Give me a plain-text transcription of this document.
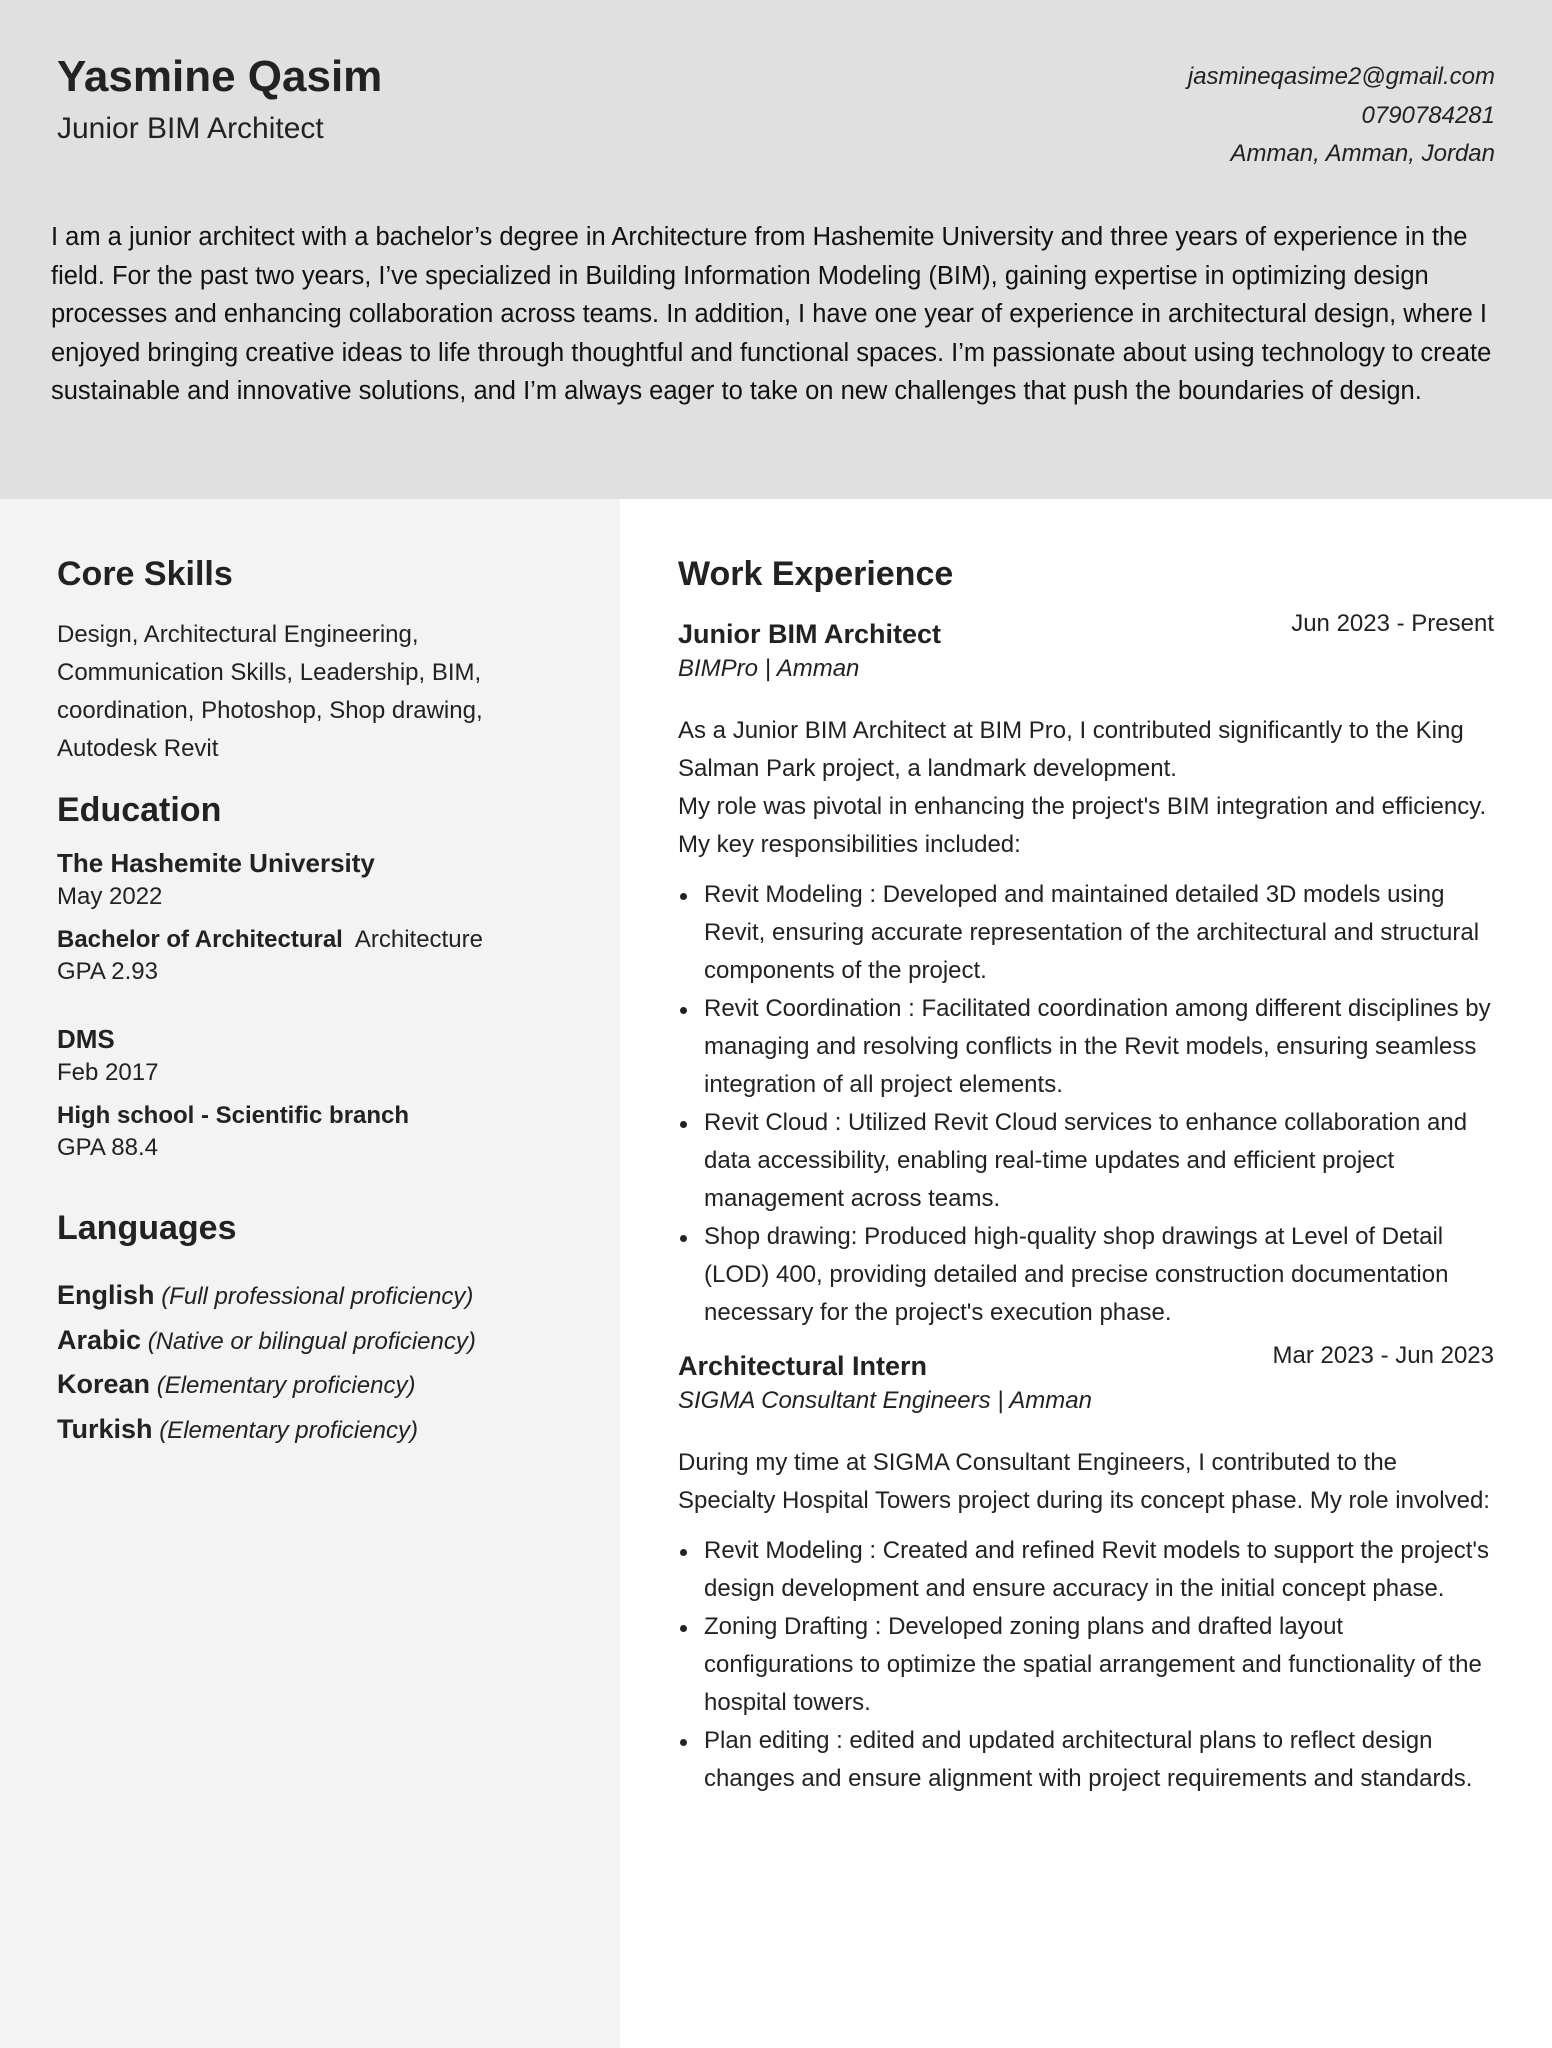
Yasmine Qasim
Junior BIM Architect
jasmineqasime2@gmail.com
0790784281
Amman, Amman, Jordan
I am a junior architect with a bachelor’s degree in Architecture from Hashemite University and three years of experience in the field. For the past two years, I’ve specialized in Building Information Modeling (BIM), gaining expertise in optimizing design processes and enhancing collaboration across teams. In addition, I have one year of experience in architectural design, where I enjoyed bringing creative ideas to life through thoughtful and functional spaces. I’m passionate about using technology to create sustainable and innovative solutions, and I’m always eager to take on new challenges that push the boundaries of design.
Core Skills
Design, Architectural Engineering, Communication Skills, Leadership, BIM, coordination, Photoshop, Shop drawing, Autodesk Revit
Education
The Hashemite University
May 2022
Bachelor of Architectural Architecture
GPA 2.93
DMS
Feb 2017
High school - Scientific branch
GPA 88.4
Languages
English (Full professional proficiency)
Arabic (Native or bilingual proficiency)
Korean (Elementary proficiency)
Turkish (Elementary proficiency)
Work Experience
Junior BIM Architect	Jun 2023 - Present
BIMPro | Amman
As a Junior BIM Architect at BIM Pro, I contributed significantly to the King Salman Park project, a landmark development.
My role was pivotal in enhancing the project's BIM integration and efficiency. My key responsibilities included:
Revit Modeling : Developed and maintained detailed 3D models using Revit, ensuring accurate representation of the architectural and structural components of the project.
Revit Coordination : Facilitated coordination among different disciplines by managing and resolving conflicts in the Revit models, ensuring seamless integration of all project elements.
Revit Cloud : Utilized Revit Cloud services to enhance collaboration and data accessibility, enabling real-time updates and efficient project management across teams.
Shop drawing: Produced high-quality shop drawings at Level of Detail (LOD) 400, providing detailed and precise construction documentation necessary for the project's execution phase.
Architectural Intern	Mar 2023 - Jun 2023
SIGMA Consultant Engineers | Amman
During my time at SIGMA Consultant Engineers, I contributed to the Specialty Hospital Towers project during its concept phase. My role involved:
Revit Modeling : Created and refined Revit models to support the project's design development and ensure accuracy in the initial concept phase.
Zoning Drafting : Developed zoning plans and drafted layout configurations to optimize the spatial arrangement and functionality of the hospital towers.
Plan editing : edited and updated architectural plans to reflect design changes and ensure alignment with project requirements and standards.
